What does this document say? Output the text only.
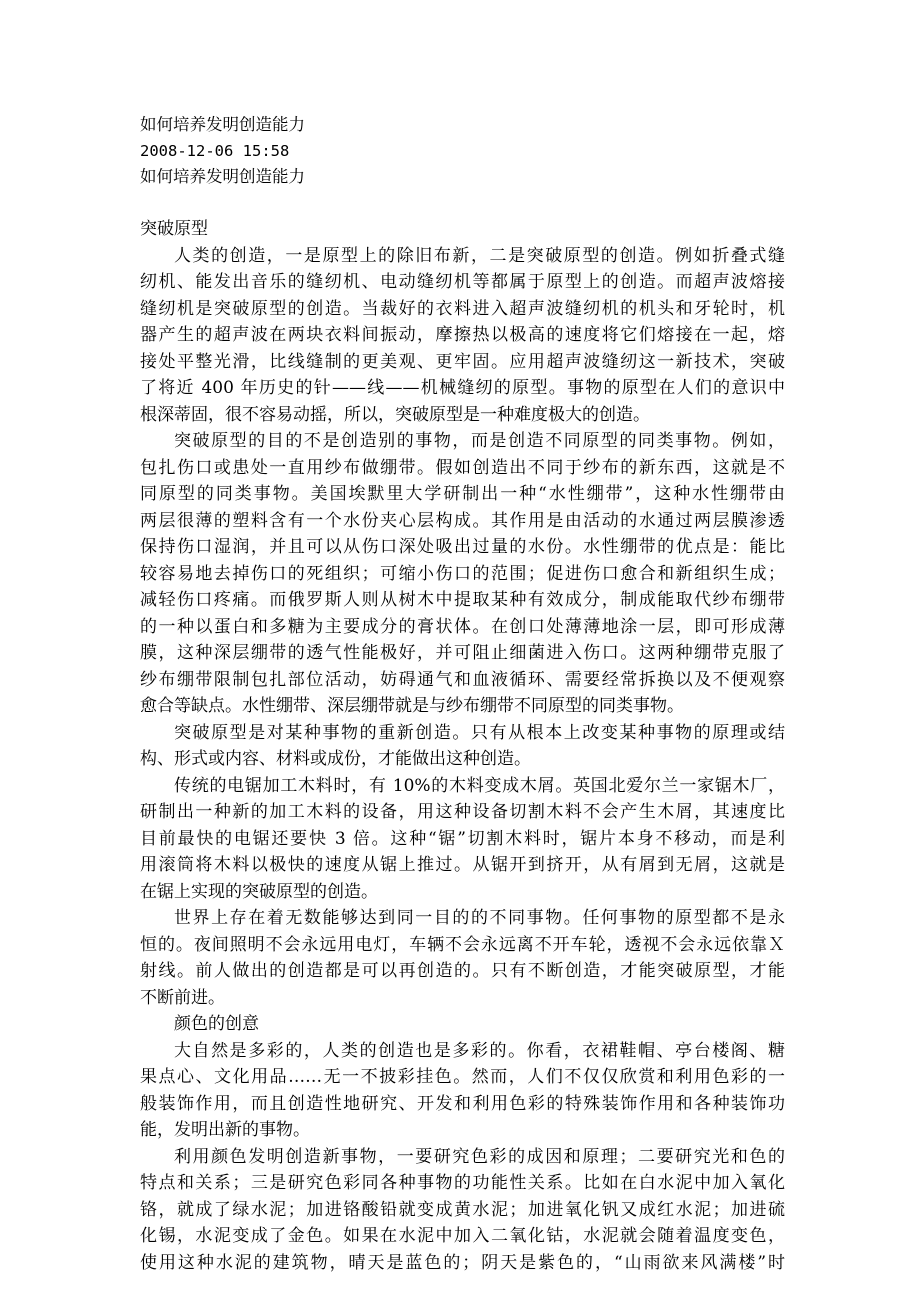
如何培养发明创造能力
2008-12-06 15:58
如何培养发明创造能力
突破原型
人类的创造，一是原型上的除旧布新，二是突破原型的创造。例如折叠式缝
纫机、能发出音乐的缝纫机、电动缝纫机等都属于原型上的创造。而超声波熔接
缝纫机是突破原型的创造。当裁好的衣料进入超声波缝纫机的机头和牙轮时，机
器产生的超声波在两块衣料间振动，摩擦热以极高的速度将它们熔接在一起，熔
接处平整光滑，比线缝制的更美观、更牢固。应用超声波缝纫这一新技术，突破
了将近 400 年历史的针——线——机械缝纫的原型。事物的原型在人们的意识中
根深蒂固，很不容易动摇，所以，突破原型是一种难度极大的创造。
突破原型的目的不是创造别的事物，而是创造不同原型的同类事物。例如，
包扎伤口或患处一直用纱布做绷带。假如创造出不同于纱布的新东西，这就是不
同原型的同类事物。美国埃默里大学研制出一种“水性绷带”，这种水性绷带由
两层很薄的塑料含有一个水份夹心层构成。其作用是由活动的水通过两层膜渗透
保持伤口湿润，并且可以从伤口深处吸出过量的水份。水性绷带的优点是：能比
较容易地去掉伤口的死组织；可缩小伤口的范围；促进伤口愈合和新组织生成；
减轻伤口疼痛。而俄罗斯人则从树木中提取某种有效成分，制成能取代纱布绷带
的一种以蛋白和多糖为主要成分的膏状体。在创口处薄薄地涂一层，即可形成薄
膜，这种深层绷带的透气性能极好，并可阻止细菌进入伤口。这两种绷带克服了
纱布绷带限制包扎部位活动，妨碍通气和血液循环、需要经常拆换以及不便观察
愈合等缺点。水性绷带、深层绷带就是与纱布绷带不同原型的同类事物。
突破原型是对某种事物的重新创造。只有从根本上改变某种事物的原理或结
构、形式或内容、材料或成份，才能做出这种创造。
传统的电锯加工木料时，有 10%的木料变成木屑。英国北爱尔兰一家锯木厂，
研制出一种新的加工木料的设备，用这种设备切割木料不会产生木屑，其速度比
目前最快的电锯还要快 3 倍。这种“锯”切割木料时，锯片本身不移动，而是利
用滚筒将木料以极快的速度从锯上推过。从锯开到挤开，从有屑到无屑，这就是
在锯上实现的突破原型的创造。
世界上存在着无数能够达到同一目的的不同事物。任何事物的原型都不是永
恒的。夜间照明不会永远用电灯，车辆不会永远离不开车轮，透视不会永远依靠Ｘ
射线。前人做出的创造都是可以再创造的。只有不断创造，才能突破原型，才能
不断前进。
颜色的创意
大自然是多彩的，人类的创造也是多彩的。你看，衣裙鞋帽、亭台楼阁、糖
果点心、文化用品……无一不披彩挂色。然而，人们不仅仅欣赏和利用色彩的一
般装饰作用，而且创造性地研究、开发和利用色彩的特殊装饰作用和各种装饰功
能，发明出新的事物。
利用颜色发明创造新事物，一要研究色彩的成因和原理；二要研究光和色的
特点和关系；三是研究色彩同各种事物的功能性关系。比如在白水泥中加入氧化
铬，就成了绿水泥；加进铬酸铅就变成黄水泥；加进氧化钒又成红水泥；加进硫
化锡，水泥变成了金色。如果在水泥中加入二氧化钴，水泥就会随着温度变色，
使用这种水泥的建筑物，晴天是蓝色的；阴天是紫色的，“山雨欲来风满楼”时
